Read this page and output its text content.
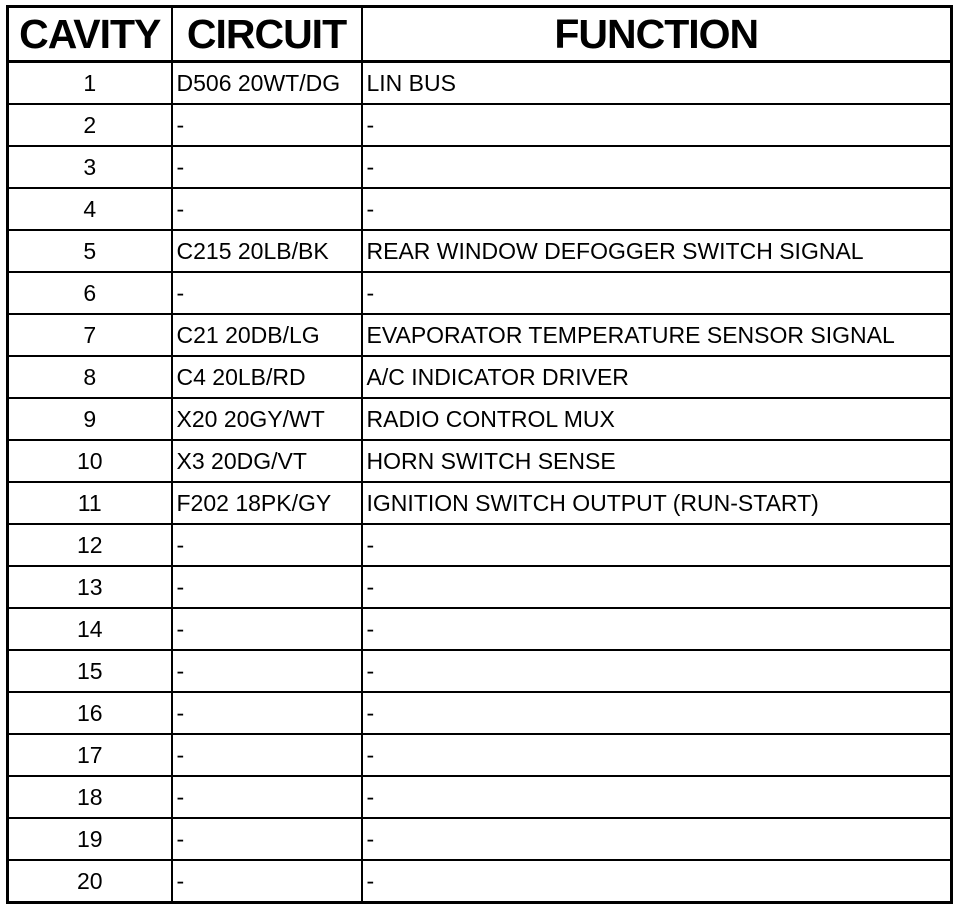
CAVITY	CIRCUIT	FUNCTION
1	D506 20WT/DG	LIN BUS
2	-	-
3	-	-
4	-	-
5	C215 20LB/BK	REAR WINDOW DEFOGGER SWITCH SIGNAL
6	-	-
7	C21 20DB/LG	EVAPORATOR TEMPERATURE SENSOR SIGNAL
8	C4 20LB/RD	A/C INDICATOR DRIVER
9	X20 20GY/WT	RADIO CONTROL MUX
10	X3 20DG/VT	HORN SWITCH SENSE
11	F202 18PK/GY	IGNITION SWITCH OUTPUT (RUN-START)
12	-	-
13	-	-
14	-	-
15	-	-
16	-	-
17	-	-
18	-	-
19	-	-
20	-	-
